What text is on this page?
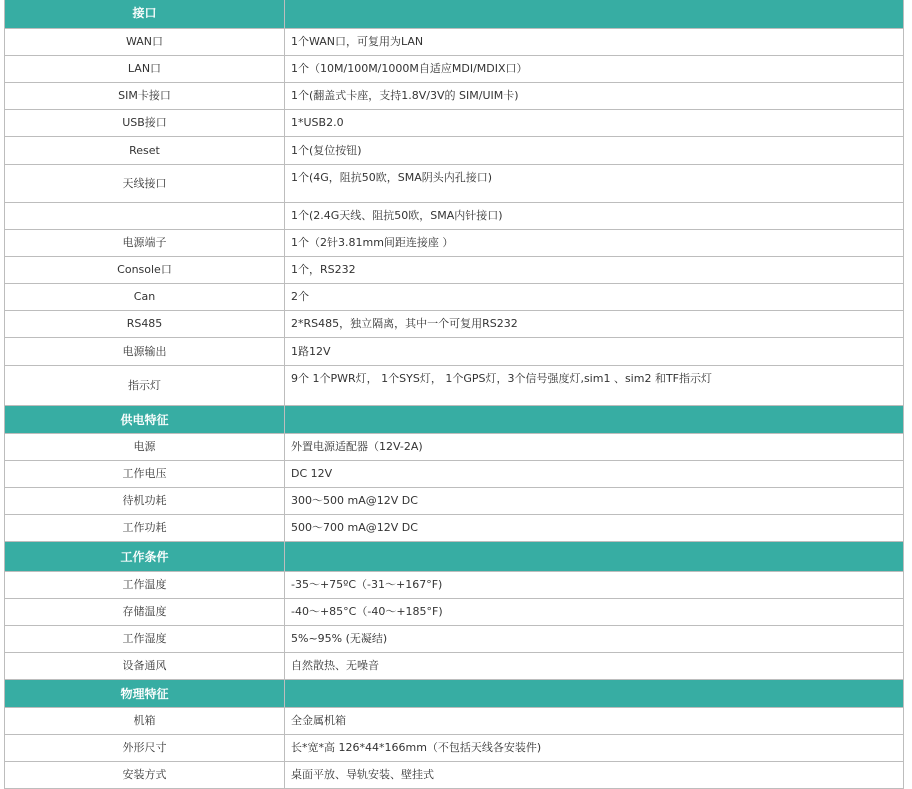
接口	
WAN口	1个WAN口，可复用为LAN
LAN口	1个（10M/100M/1000M自适应MDI/MDIX口）
SIM卡接口	1个(翻盖式卡座，支持1.8V/3V的 SIM/UIM卡)
USB接口	1*USB2.0
Reset	1个(复位按钮)
天线接口	1个(4G，阻抗50欧，SMA阴头内孔接口)
	1个(2.4G天线、阻抗50欧，SMA内针接口)
电源端子	1个（2针3.81mm间距连接座 ）
Console口	1个，RS232
Can	2个
RS485	2*RS485，独立隔离，其中一个可复用RS232
电源输出	1路12V
指示灯	9个 1个PWR灯， 1个SYS灯， 1个GPS灯，3个信号强度灯,sim1 、sim2 和TF指示灯
供电特征	
电源	外置电源适配器（12V-2A)
工作电压	DC 12V
待机功耗	300～500 mA@12V DC
工作功耗	500～700 mA@12V DC
工作条件	
工作温度	-35～+75ºC（-31～+167°F)
存储温度	-40～+85°C（-40～+185°F)
工作湿度	5%~95% (无凝结)
设备通风	自然散热、无噪音
物理特征	
机箱	全金属机箱
外形尺寸	长*宽*高 126*44*166mm（不包括天线各安装件)
安装方式	桌面平放、导轨安装、壁挂式
